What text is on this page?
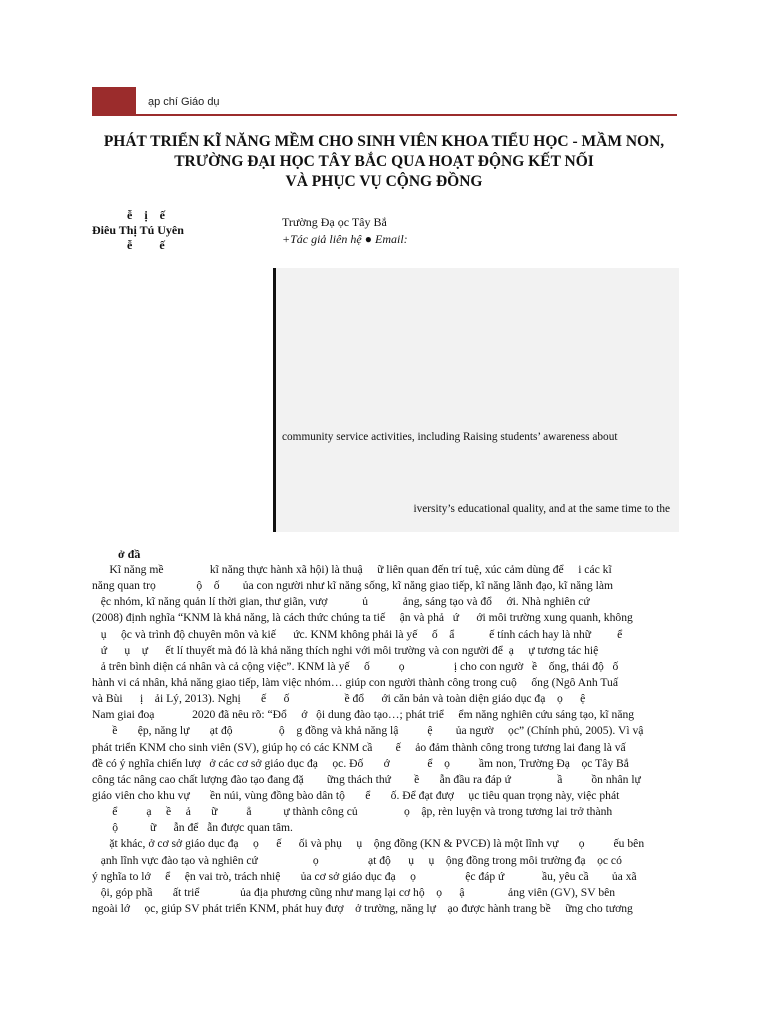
ạp chí Giáo dụ
PHÁT TRIỂN KĨ NĂNG MỀM CHO SINH VIÊN KHOA TIỂU HỌC - MẦM NON,
TRƯỜNG ĐẠI HỌC TÂY BẮC QUA HOẠT ĐỘNG KẾT NỐI
VÀ PHỤC VỤ CỘNG ĐỒNG
ễ    ị    ế
Điêu Thị Tú Uyên
ễ         ế
Trường Đạ ọc Tây Bắ
+Tác giả liên hệ ● Email:
community service activities, including Raising students’ awareness about
iversity’s educational quality, and at the same time to the
ở đầ
Kĩ năng mề                kĩ năng thực hành xã hội) là thuậ     ữ liên quan đến trí tuệ, xúc cảm dùng để     i các kĩ
năng quan trọ              ộ    ố        ủa con người như kĩ năng sống, kĩ năng giao tiếp, kĩ năng lãnh đạo, kĩ năng làm
ệc nhóm, kĩ năng quản lí thời gian, thư giãn, vượ            ủ            ảng, sáng tạo và đổ     ới. Nhà nghiên cứ
(2008) định nghĩa “KNM là khả năng, là cách thức chúng ta tiế     ận và phả   ứ      ới môi trường xung quanh, không
ụ     ộc và trình độ chuyên môn và kiế      ức. KNM không phải là yế     ố    ẩ            ế tính cách hay là nhữ         ể
ứ      ụ    ự      ết lí thuyết mà đó là khả năng thích nghi với môi trường và con người để  ạ     ự tương tác hiệ
ả trên bình diện cá nhân và cả cộng việc”. KNM là yế     ố          ọ                 ị cho con ngườ   ề    ống, thái độ   ố
hành vi cá nhân, khả năng giao tiếp, làm việc nhóm… giúp con người thành công trong cuộ     ống (Ngô Anh Tuấ
và Bùi      ị    ải Lý, 2013). Nghị       ế      ố                   ề đổ      ới căn bản và toàn diện giáo dục đạ    ọ      ệ
Nam giai đoạ             2020 đã nêu rõ: “Đổ     ớ   ội dung đào tạo…; phát triể     ểm năng nghiên cứu sáng tạo, kĩ năng
ề       ệp, năng lự       ạt độ                ộ    g đồng và khả năng lậ          ệ        ủa ngườ     ọc” (Chính phủ, 2005). Vì vậ
phát triển KNM cho sinh viên (SV), giúp họ có các KNM cầ        ế     ảo đảm thành công trong tương lai đang là vấ
đề có ý nghĩa chiến lượ   ở các cơ sở giáo dục đạ     ọc. Đố       ớ             ể    ọ          ầm non, Trường Đạ    ọc Tây Bắ
công tác nâng cao chất lượng đào tạo đang đặ        ững thách thứ        ề       ẫn đầu ra đáp ứ                ầ          ồn nhân lự
giáo viên cho khu vự       ền núi, vùng đồng bào dân tộ       ể       ố. Để đạt đượ     ục tiêu quan trọng này, việc phát
ể          ạ     ề     ả       ữ          ẳ           ự thành công củ                ọ    ập, rèn luyện và trong tương lai trở thành
ộ           ữ      ẫn để   ẫn được quan tâm.
ặt khác, ở cơ sở giáo dục đạ     ọ      ế      ối và phụ     ụ    ộng đồng (KN & PVCĐ) là một lĩnh vự       ọ          ếu bên
ạnh lĩnh vực đào tạo và nghiên cứ                   ọ                 ạt độ      ụ     ụ    ộng đồng trong môi trường đạ    ọc có
ý nghĩa to lớ     ể     ện vai trò, trách nhiệ       ủa cơ sở giáo dục đạ     ọ                 ệc đáp ứ             ầu, yêu cầ        ủa xã
ội, góp phầ       ất triể              ủa địa phương cũng như mang lại cơ hộ    ọ      ậ               ảng viên (GV), SV bên
ngoài lớ     ọc, giúp SV phát triển KNM, phát huy đượ    ở trường, năng lự    ạo được hành trang bề     ững cho tương
